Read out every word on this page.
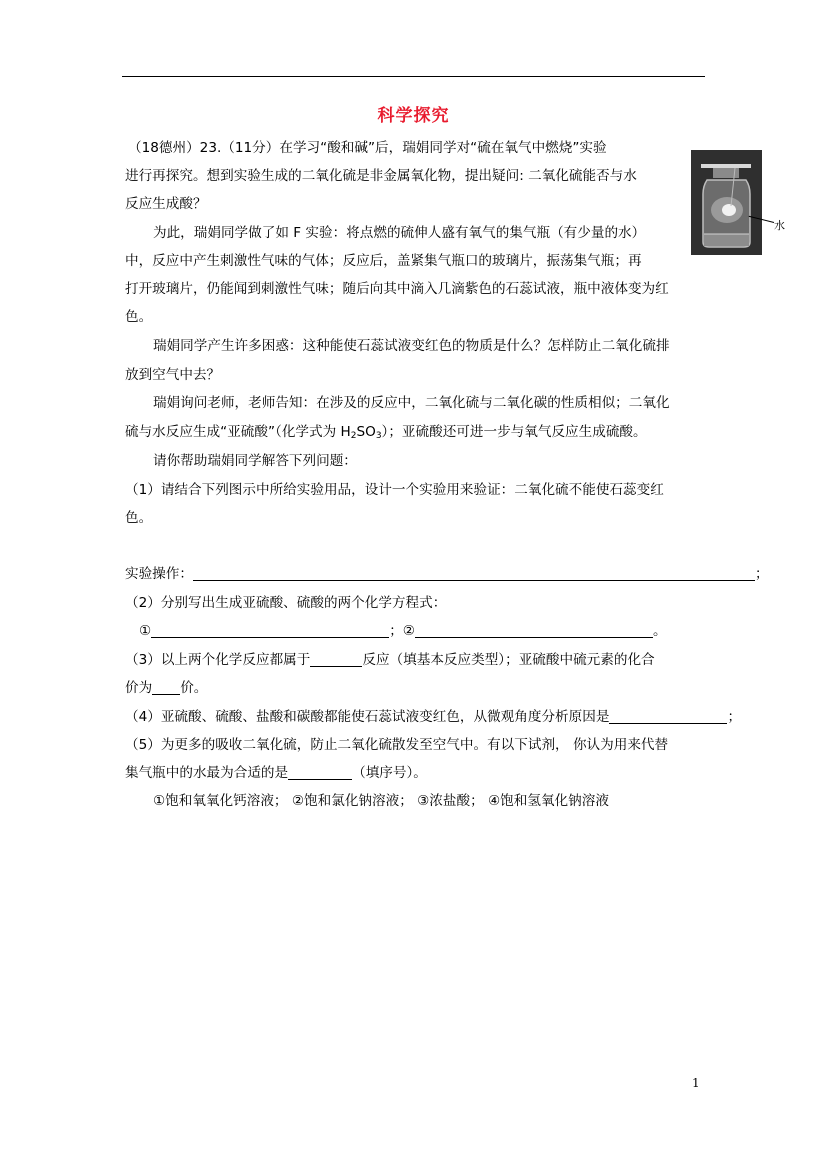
科学探究
（18德州）23.（11分）在学习“酸和碱”后，瑞娟同学对“硫在氧气中燃烧”实验
进行再探究。想到实验生成的二氧化硫是非金属氧化物，提出疑问: 二氧化硫能否与水
反应生成酸？
水
为此，瑞娟同学做了如 F 实验：将点燃的硫伸人盛有氧气的集气瓶（有少量的水）
中，反应中产生刺激性气味的气体；反应后，盖紧集气瓶口的玻璃片，振荡集气瓶；再
打开玻璃片，仍能闻到刺激性气味；随后向其中滴入几滴紫色的石蕊试液，瓶中液体变为红
色。
瑞娟同学产生许多困惑：这种能使石蕊试液变红色的物质是什么？怎样防止二氧化硫排
放到空气中去？
瑞娟询问老师，老师告知：在涉及的反应中，二氧化硫与二氧化碳的性质相似；二氧化
硫与水反应生成“亚硫酸”（化学式为 $H_2SO_3$）；亚硫酸还可进一步与氧气反应生成硫酸。
请你帮助瑞娟同学解答下列问题：
（1）请结合下列图示中所给实验用品，设计一个实验用来验证：二氧化硫不能使石蕊变红
色。
实验操作：	；
（2）分别写出生成亚硫酸、硫酸的两个化学方程式：
①	；②	。
（3）以上两个化学反应都属于	反应（填基本反应类型）；亚硫酸中硫元素的化合
价为 价。
（4）亚硫酸、硫酸、盐酸和碳酸都能使石蕊试液变红色，从微观角度分析原因是	；
（5）为更多的吸收二氧化硫，防止二氧化硫散发至空气中。有以下试剂， 你认为用来代替
集气瓶中的水最为合适的是	（填序号）。
①饱和氧氧化钙溶液； ②饱和氯化钠溶液； ③浓盐酸； ④饱和氢氧化钠溶液
1
